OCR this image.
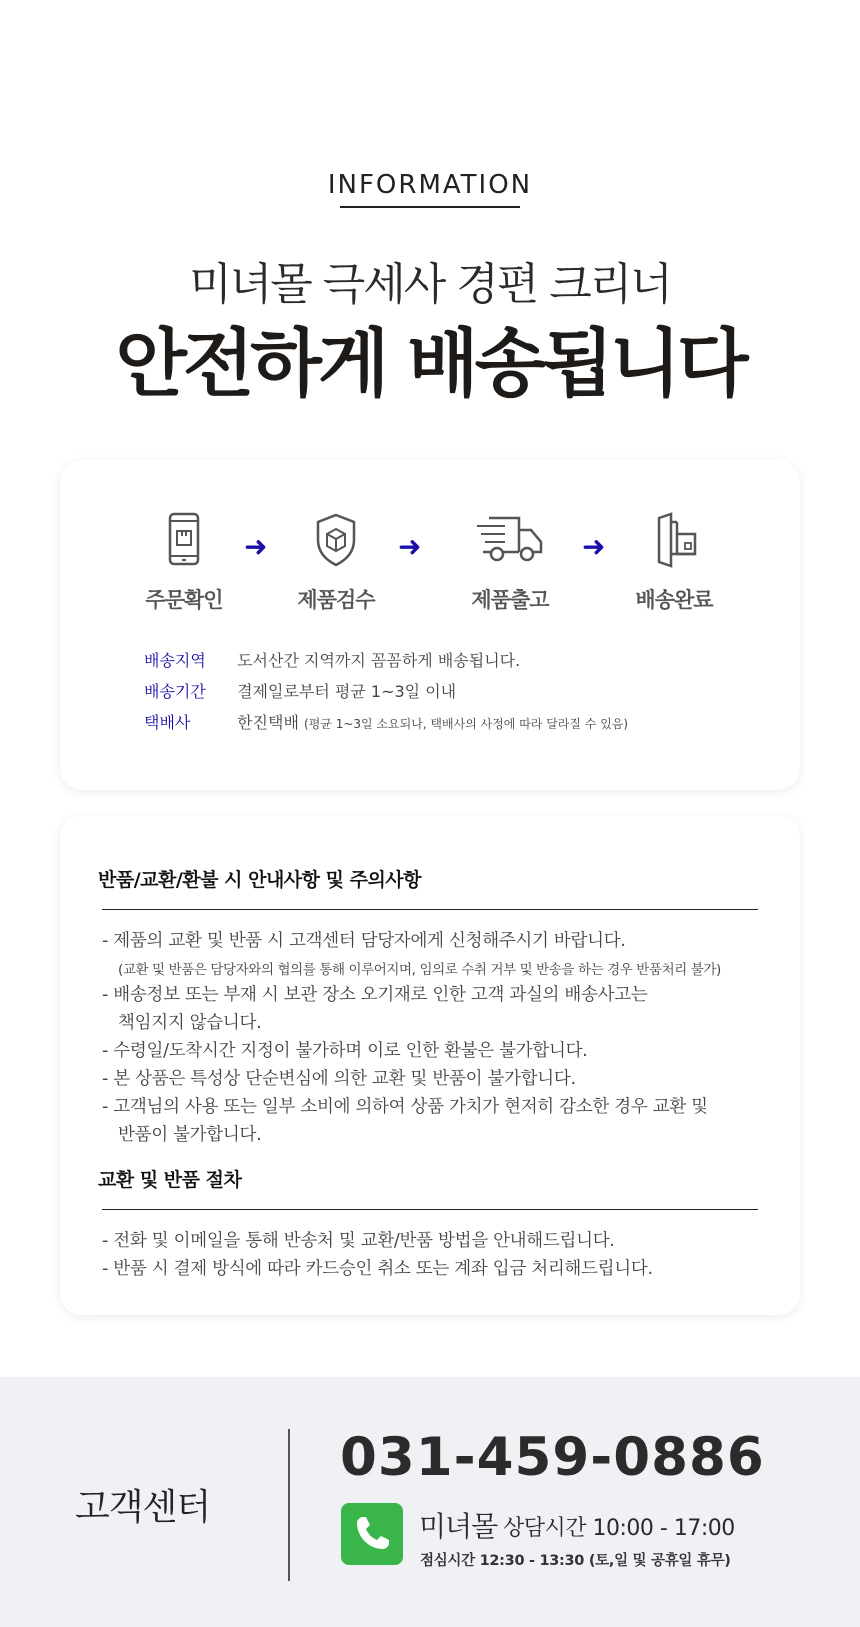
INFORMATION
미녀몰 극세사 경편 크리너
안전하게 배송됩니다
주문확인
➜
제품검수
➜
제품출고
➜
배송완료
배송지역 도서산간 지역까지 꼼꼼하게 배송됩니다.
배송기간 결제일로부터 평균 1~3일 이내
택배사	한진택배 (평균 1~3일 소요되나, 택배사의 사정에 따라 달라질 수 있음)
반품/교환/환불 시 안내사항 및 주의사항
- 제품의 교환 및 반품 시 고객센터 담당자에게 신청해주시기 바랍니다.
(교환 및 반품은 담당자와의 협의를 통해 이루어지며, 임의로 수취 거부 및 반송을 하는 경우 반품처리 불가)
- 배송정보 또는 부재 시 보관 장소 오기재로 인한 고객 과실의 배송사고는
책임지지 않습니다.
- 수령일/도착시간 지정이 불가하며 이로 인한 환불은 불가합니다.
- 본 상품은 특성상 단순변심에 의한 교환 및 반품이 불가합니다.
- 고객님의 사용 또는 일부 소비에 의하여 상품 가치가 현저히 감소한 경우 교환 및
반품이 불가합니다.
교환 및 반품 절차
- 전화 및 이메일을 통해 반송처 및 교환/반품 방법을 안내해드립니다.
- 반품 시 결제 방식에 따라 카드승인 취소 또는 계좌 입금 처리해드립니다.
고객센터
031-459-0886
미녀몰 상담시간 10:00 - 17:00
점심시간 12:30 - 13:30 (토,일 및 공휴일 휴무)
